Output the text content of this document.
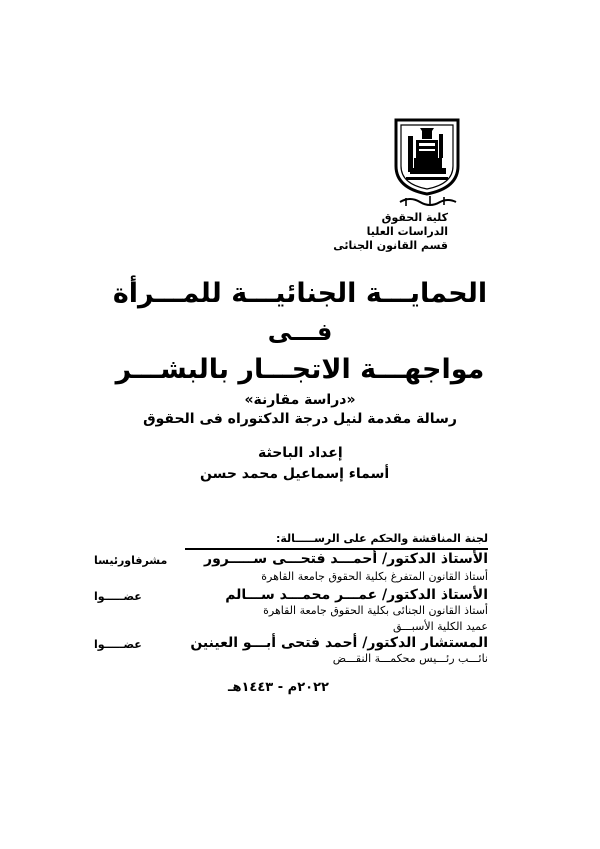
كلية الحقوق
الدراسات العليا
قسم القانون الجنائى
الحمايـــة الجنائيـــة للمـــرأة
فـــى
مواجهـــة الاتجـــار بالبشـــر
«دراسة مقارنة»
رسالة مقدمة لنيل درجة الدكتوراه فى الحقوق
إعداد الباحثة
أسماء إسماعيل محمد حسن
لجنة المناقشة والحكم على الرســـــالة:
الأستاذ الدكتور/ أحمـــد فتحـــى ســـــرور
مشرفاورئيسا
أستاذ القانون المتفرغ بكلية الحقوق جامعة القاهرة
الأستاذ الدكتور/ عمـــر محمـــد ســـالم
عضـــــوا
أستاذ القانون الجنائى بكلية الحقوق جامعة القاهرة
عميد الكلية الأسبـــق
المستشار الدكتور/ أحمد فتحى أبـــو العينين
عضـــــوا
نائـــب رئـــيس محكمـــة النقـــض
٢٠٢٢م - ١٤٤٣هـ
